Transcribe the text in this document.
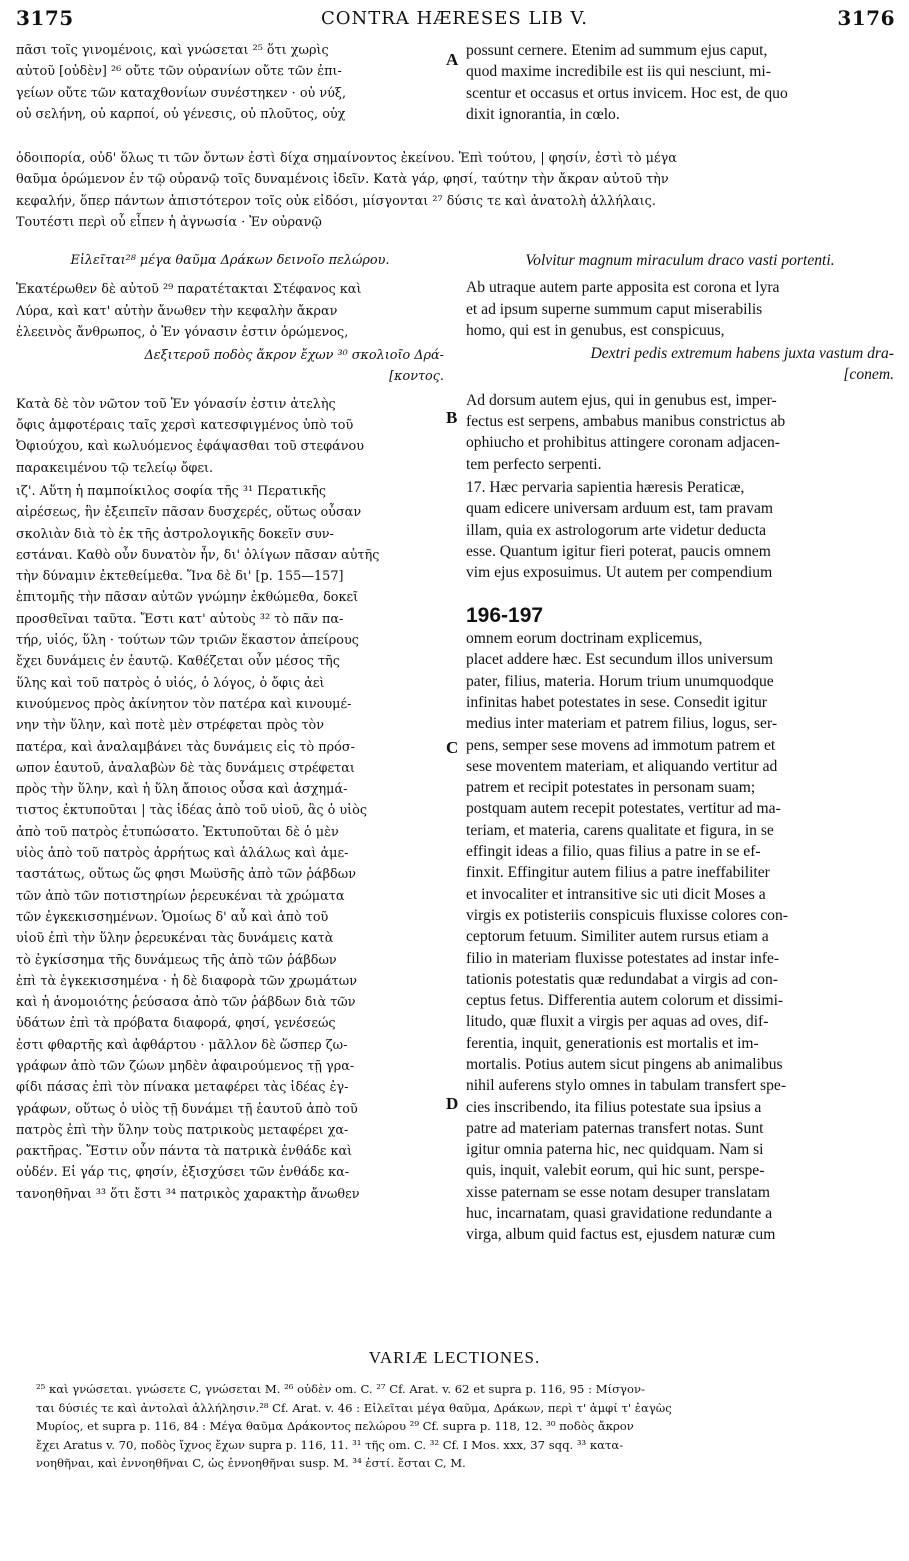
3175	CONTRA HÆRESES LIB V.	3176

πᾶσι τοῖς γινομένοις, καὶ γνώσεται ²⁵ ὅτι χωρὶς
αὐτοῦ [οὐδὲν] ²⁶ οὔτε τῶν οὐρανίων οὔτε τῶν ἐπι-
γείων οὔτε τῶν καταχθονίων συνέστηκεν · οὐ νύξ,
οὐ σελήνη, οὐ καρποί, οὐ γένεσις, οὐ πλοῦτος, οὐχ

possunt cernere. Etenim ad summum ejus caput,
quod maxime incredibile est iis qui nesciunt, mi-
scentur et occasus et ortus invicem. Hoc est, de quo
dixit ignorantia, in cœlo.

A
ὁδοιπορία, οὐδ' ὅλως τι τῶν ὄντων ἐστὶ δίχα σημαίνοντος ἐκείνου. Ἐπὶ τούτου, | φησίν, ἐστὶ τὸ μέγα
θαῦμα ὁρώμενον ἐν τῷ οὐρανῷ τοῖς δυναμένοις ἰδεῖν. Κατὰ γάρ, φησί, ταύτην τὴν ἄκραν αὐτοῦ τὴν
κεφαλήν, ὅπερ πάντων ἀπιστότερον τοῖς οὐκ εἰδόσι, μίσγονται ²⁷ δύσις τε καὶ ἀνατολὴ ἀλλήλαις.
Τουτέστι περὶ οὗ εἶπεν ἡ ἀγνωσία · Ἐν οὐρανῷ

Εἰλεῖται²⁸ μέγα θαῦμα Δράκων δεινοῖο πελώρου.

Ἑκατέρωθεν δὲ αὐτοῦ ²⁹ παρατέτακται Στέφανος καὶ
Λύρα, καὶ κατ' αὐτὴν ἄνωθεν τὴν κεφαλὴν ἄκραν
ἐλεεινὸς ἄνθρωπος, ὁ Ἐν γόνασιν ἐστιν ὁρώμενος,

Δεξιτεροῦ ποδὸς ἄκρον ἔχων ³⁰ σκολιοῖο Δρά-
[κοντος.

Κατὰ δὲ τὸν νῶτον τοῦ Ἐν γόνασίν ἐστιν ἀτελὴς
ὄφις ἀμφοτέραις ταῖς χερσὶ κατεσφιγμένος ὑπὸ τοῦ
Ὀφιούχου, καὶ κωλυόμενος ἐφάψασθαι τοῦ στεφάνου
παρακειμένου τῷ τελείῳ ὄφει.

ιζ'. Αὕτη ἡ παμποίκιλος σοφία τῆς ³¹ Περατικῆς
αἱρέσεως, ἣν ἐξειπεῖν πᾶσαν δυσχερές, οὕτως οὖσαν
σκολιὰν διὰ τὸ ἐκ τῆς ἀστρολογικῆς δοκεῖν συν-
εστάναι. Καθὸ οὖν δυνατὸν ἦν, δι' ὀλίγων πᾶσαν αὐτῆς
τὴν δύναμιν ἐκτεθείμεθα. Ἵνα δὲ δι' [p. 155—157]
ἐπιτομῆς τὴν πᾶσαν αὐτῶν γνώμην ἐκθώμεθα, δοκεῖ
προσθεῖναι ταῦτα. Ἔστι κατ' αὐτοὺς ³² τὸ πᾶν πα-
τήρ, υἱός, ὕλη · τούτων τῶν τριῶν ἕκαστον ἀπείρους
ἔχει δυνάμεις ἐν ἑαυτῷ. Καθέζεται οὖν μέσος τῆς
ὕλης καὶ τοῦ πατρὸς ὁ υἱός, ὁ λόγος, ὁ ὄφις ἀεὶ
κινούμενος πρὸς ἀκίνητον τὸν πατέρα καὶ κινουμέ-
νην τὴν ὕλην, καὶ ποτὲ μὲν στρέφεται πρὸς τὸν
πατέρα, καὶ ἀναλαμβάνει τὰς δυνάμεις εἰς τὸ πρόσ-
ωπον ἑαυτοῦ, ἀναλαβὼν δὲ τὰς δυνάμεις στρέφεται
πρὸς τὴν ὕλην, καὶ ἡ ὕλη ἄποιος οὖσα καὶ ἀσχημά-
τιστος ἐκτυποῦται | τὰς ἰδέας ἀπὸ τοῦ υἱοῦ, ἃς ὁ υἱὸς
ἀπὸ τοῦ πατρὸς ἐτυπώσατο. Ἐκτυποῦται δὲ ὁ μὲν
υἱὸς ἀπὸ τοῦ πατρὸς ἀρρήτως καὶ ἀλάλως καὶ ἀμε-
ταστάτως, οὕτως ὥς φησι Μωϋσῆς ἀπὸ τῶν ῥάβδων
τῶν ἀπὸ τῶν ποτιστηρίων ῥερευκέναι τὰ χρώματα
τῶν ἐγκεκισσημένων. Ὁμοίως δ' αὖ καὶ ἀπὸ τοῦ
υἱοῦ ἐπὶ τὴν ὕλην ῥερευκέναι τὰς δυνάμεις κατὰ
τὸ ἐγκίσσημα τῆς δυνάμεως τῆς ἀπὸ τῶν ῥάβδων
ἐπὶ τὰ ἐγκεκισσημένα · ἡ δὲ διαφορὰ τῶν χρωμάτων
καὶ ἡ ἀνομοιότης ῥεύσασα ἀπὸ τῶν ῥάβδων διὰ τῶν
ὑδάτων ἐπὶ τὰ πρόβατα διαφορά, φησί, γενέσεώς
ἐστι φθαρτῆς καὶ ἀφθάρτου · μᾶλλον δὲ ὥσπερ ζω-
γράφων ἀπὸ τῶν ζώων μηδὲν ἀφαιρούμενος τῇ γρα-
φίδι πάσας ἐπὶ τὸν πίνακα μεταφέρει τὰς ἰδέας ἐγ-
γράφων, οὕτως ὁ υἱὸς τῇ δυνάμει τῇ ἑαυτοῦ ἀπὸ τοῦ
πατρὸς ἐπὶ τὴν ὕλην τοὺς πατρικοὺς μεταφέρει χα-
ρακτῆρας. Ἔστιν οὖν πάντα τὰ πατρικὰ ἐνθάδε καὶ
οὐδέν. Εἰ γάρ τις, φησίν, ἐξισχύσει τῶν ἐνθάδε κα-
τανοηθῆναι ³³ ὅτι ἔστι ³⁴ πατρικὸς χαρακτὴρ ἄνωθεν

Volvitur magnum miraculum draco vasti portenti.

Ab utraque autem parte apposita est corona et lyra
et ad ipsum superne summum caput miserabilis
homo, qui est in genubus, est conspicuus,

Dextri pedis extremum habens juxta vastum dra-
[conem.

Ad dorsum autem ejus, qui in genubus est, imper-
fectus est serpens, ambabus manibus constrictus ab
ophiucho et prohibitus attingere coronam adjacen-
tem perfecto serpenti.

17. Hæc pervaria sapientia hæresis Peraticæ,
quam edicere universam arduum est, tam pravam
illam, quia ex astrologorum arte videtur deducta
esse. Quantum igitur fieri poterat, paucis omnem
vim ejus exposuimus. Ut autem per compendium

196-197
omnem eorum doctrinam explicemus,

placet addere hæc. Est secundum illos universum
pater, filius, materia. Horum trium unumquodque
infinitas habet potestates in sese. Consedit igitur
medius inter materiam et patrem filius, logus, ser-
pens, semper sese movens ad immotum patrem et
sese moventem materiam, et aliquando vertitur ad
patrem et recipit potestates in personam suam;
postquam autem recepit potestates, vertitur ad ma-
teriam, et materia, carens qualitate et figura, in se
effingit ideas a filio, quas filius a patre in se ef-
finxit. Effingitur autem filius a patre ineffabiliter
et invocaliter et intransitive sic uti dicit Moses a
virgis ex potisteriis conspicuis fluxisse colores con-
ceptorum fetuum. Similiter autem rursus etiam a
filio in materiam fluxisse potestates ad instar infe-
tationis potestatis quæ redundabat a virgis ad con-
ceptus fetus. Differentia autem colorum et dissimi-
litudo, quæ fluxit a virgis per aquas ad oves, dif-
ferentia, inquit, generationis est mortalis et im-
mortalis. Potius autem sicut pingens ab animalibus
nihil auferens stylo omnes in tabulam transfert spe-
cies inscribendo, ita filius potestate sua ipsius a
patre ad materiam paternas transfert notas. Sunt
igitur omnia paterna hic, nec quidquam. Nam si
quis, inquit, valebit eorum, qui hic sunt, perspe-
xisse paternam se esse notam desuper translatam
huc, incarnatam, quasi gravidatione redundante a
virga, album quid factus est, ejusdem naturæ cum

B
C
D
VARIÆ LECTIONES.
²⁵ καὶ γνώσεται. γνώσετε C, γνώσεται M. ²⁶ οὐδὲν om. C. ²⁷ Cf. Arat. v. 62 et supra p. 116, 95 : Μίσγον-
ται δύσιές τε καὶ ἀντολαὶ ἀλλήλησιν.²⁸ Cf. Arat. v. 46 : Εἰλεῖται μέγα θαῦμα, Δράκων, περὶ τ' ἀμφί τ' ἐαγὼς
Μυρίος, et supra p. 116, 84 : Μέγα θαῦμα Δράκοντος πελώρου ²⁹ Cf. supra p. 118, 12. ³⁰ ποδὸς ἄκρον
ἔχει Aratus v. 70, ποδὸς ἴχνος ἔχων supra p. 116, 11. ³¹ τῆς om. C. ³² Cf. I Mos. xxx, 37 sqq. ³³ κατα-
νοηθῆναι, καὶ ἐννοηθῆναι C, ὡς ἐννοηθῆναι susp. M. ³⁴ ἐστί. ἔσται C, M.
